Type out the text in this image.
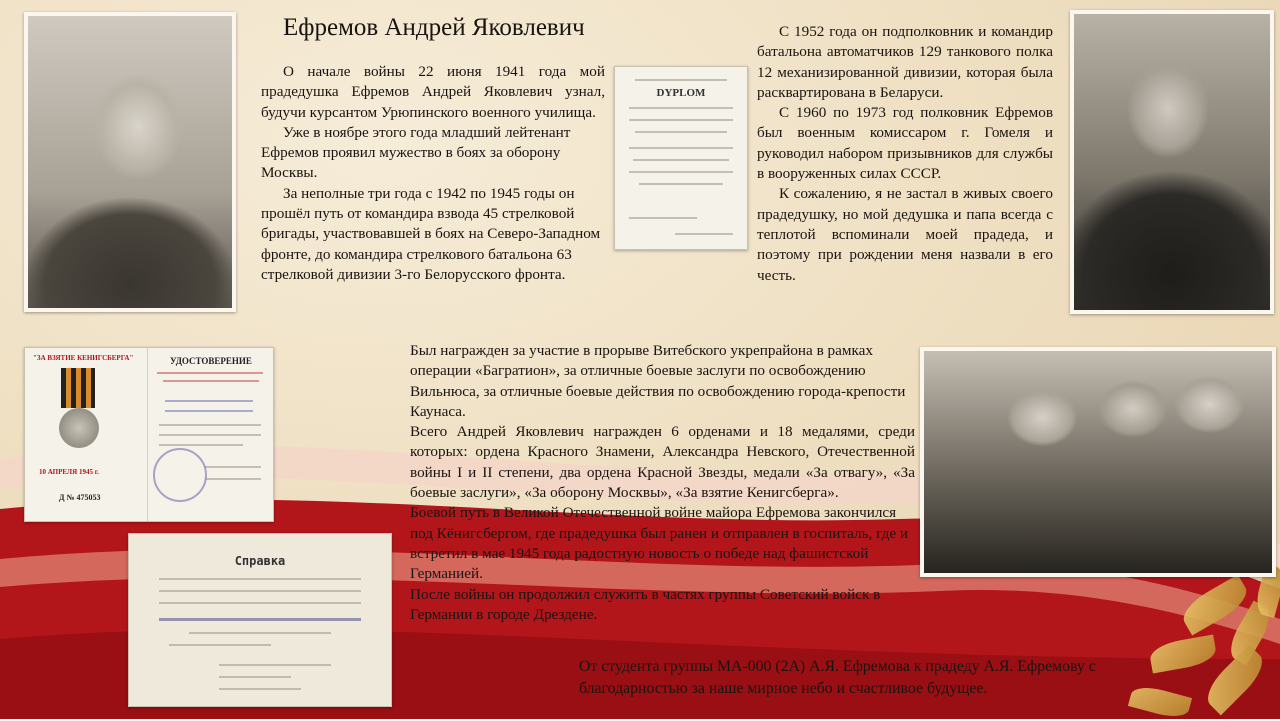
DYPLOM
"ЗА ВЗЯТИЕ КЕНИГСБЕРГА"
10 АПРЕЛЯ 1945 г.
Д № 475053
УДОСТОВЕРЕНИЕ
Справка
Ефремов Андрей Яковлевич

О начале войны 22 июня 1941 года мой прадедушка Ефремов Андрей Яковлевич узнал, будучи курсантом Урюпинского военного училища.

Уже в ноябре этого года младший лейтенант Ефремов проявил мужество в боях за оборону Москвы.

За неполные три года с 1942 по 1945 годы он прошёл путь от командира взвода 45 стрелковой бригады, участвовавшей в боях на Северо-Западном фронте, до командира стрелкового батальона 63 стрелковой дивизии 3-го Белорусского фронта.

С 1952 года он подполковник и командир батальона автоматчиков 129 танкового полка 12 механизированной дивизии, которая была расквартирована в Беларуси.

С 1960 по 1973 год полковник Ефремов был военным комиссаром г. Гомеля и руководил набором призывников для службы в вооруженных силах СССР.

К сожалению, я не застал в живых своего прадедушку, но мой дедушка и папа всегда с теплотой вспоминали моей прадеда, и поэтому при рождении меня назвали в его честь.

Был награжден за участие в прорыве Витебского укрепрайона в рамках операции «Багратион», за отличные боевые заслуги по освобождению Вильнюса, за отличные боевые действия по освобождению города-крепости Каунаса.

Всего Андрей Яковлевич награжден 6 орденами и 18 медалями, среди которых: ордена Красного Знамени, Александра Невского, Отечественной войны I и II степени, два ордена Красной Звезды, медали «За отвагу», «За боевые заслуги», «За оборону Москвы», «За взятие Кенигсберга».

Боевой путь в Великой Отечественной войне майора Ефремова закончился под Кёнигсбергом, где прадедушка был ранен и отправлен в госпиталь, где и встретил в мае 1945 года радостную новость о победе над фашистской Германией.

После войны он продолжил служить в частях группы Советский войск в Германии в городе Дрездене.

От студента группы МА-000 (2А) А.Я. Ефремова к прадеду А.Я. Ефремову с
благодарностью за наше мирное небо и счастливое будущее.
